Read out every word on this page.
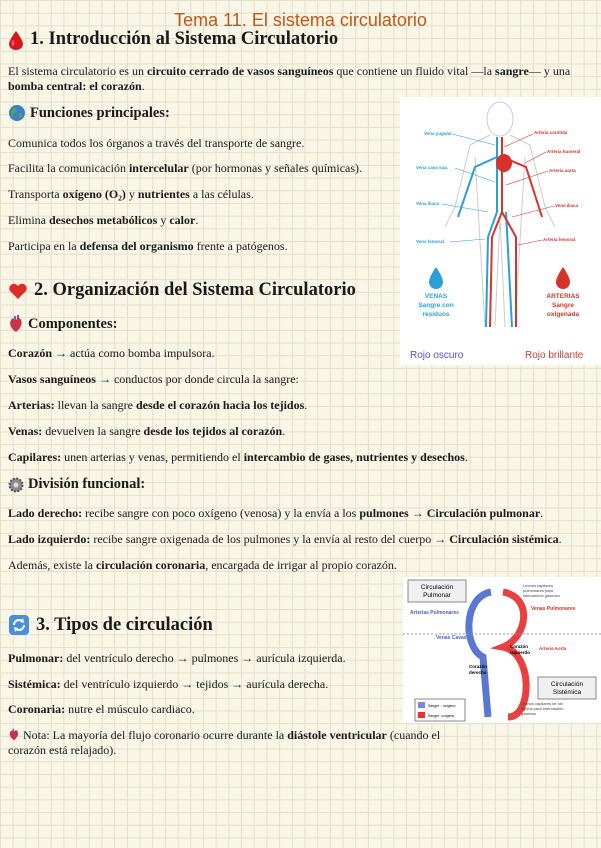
Tema 11. El sistema circulatorio
1. Introducción al Sistema Circulatorio
El sistema circulatorio es un circuito cerrado de vasos sanguíneos que contiene un fluido vital —la sangre— y una bomba central: el corazón.
Funciones principales:
Comunica todos los órganos a través del transporte de sangre.
Facilita la comunicación intercelular (por hormonas y señales químicas).
Transporta oxígeno (O₂) y nutrientes a las células.
Elimina desechos metabólicos y calor.
Participa en la defensa del organismo frente a patógenos.
Vena yugular
Vena cava sup.
Vena iliaca
Vena femoral
Arteria carótida
Arteria humeral
Arteria aorta
Vena iliaca
Arteria femoral
VENAS
Sangre con
residuos
ARTERIAS
Sangre
oxigenada
Rojo oscuro	Rojo brillante
2. Organización del Sistema Circulatorio
Componentes:
Corazón → actúa como bomba impulsora.
Vasos sanguíneos → conductos por donde circula la sangre:
Arterias: llevan la sangre desde el corazón hacia los tejidos.
Venas: devuelven la sangre desde los tejidos al corazón.
Capilares: unen arterias y venas, permitiendo el intercambio de gases, nutrientes y desechos.
División funcional:
Lado derecho: recibe sangre con poco oxígeno (venosa) y la envía a los pulmones → Circulación pulmonar.
Lado izquierdo: recibe sangre oxigenada de los pulmones y la envía al resto del cuerpo → Circulación sistémica.
Además, existe la circulación coronaria, encargada de irrigar al propio corazón.
Circulación
Pulmonar
Lechos capilares
pulmonares para
intercambio gaseoso
Arterias Pulmonares
Venas Pulmonares
Venas Cavas
Corazón
izquierdo
Corazón
derecho
Arteria Aorta
Circulación
Sistémica
Sangre ↓ oxígeno
Sangre ↑oxígeno
Lechos capilares de los
tejidos para intercambio
gaseoso
3. Tipos de circulación
Pulmonar: del ventrículo derecho → pulmones → aurícula izquierda.
Sistémica: del ventrículo izquierdo → tejidos → aurícula derecha.
Coronaria: nutre el músculo cardiaco.
Nota: La mayoría del flujo coronario ocurre durante la diástole ventricular (cuando el corazón está relajado).
